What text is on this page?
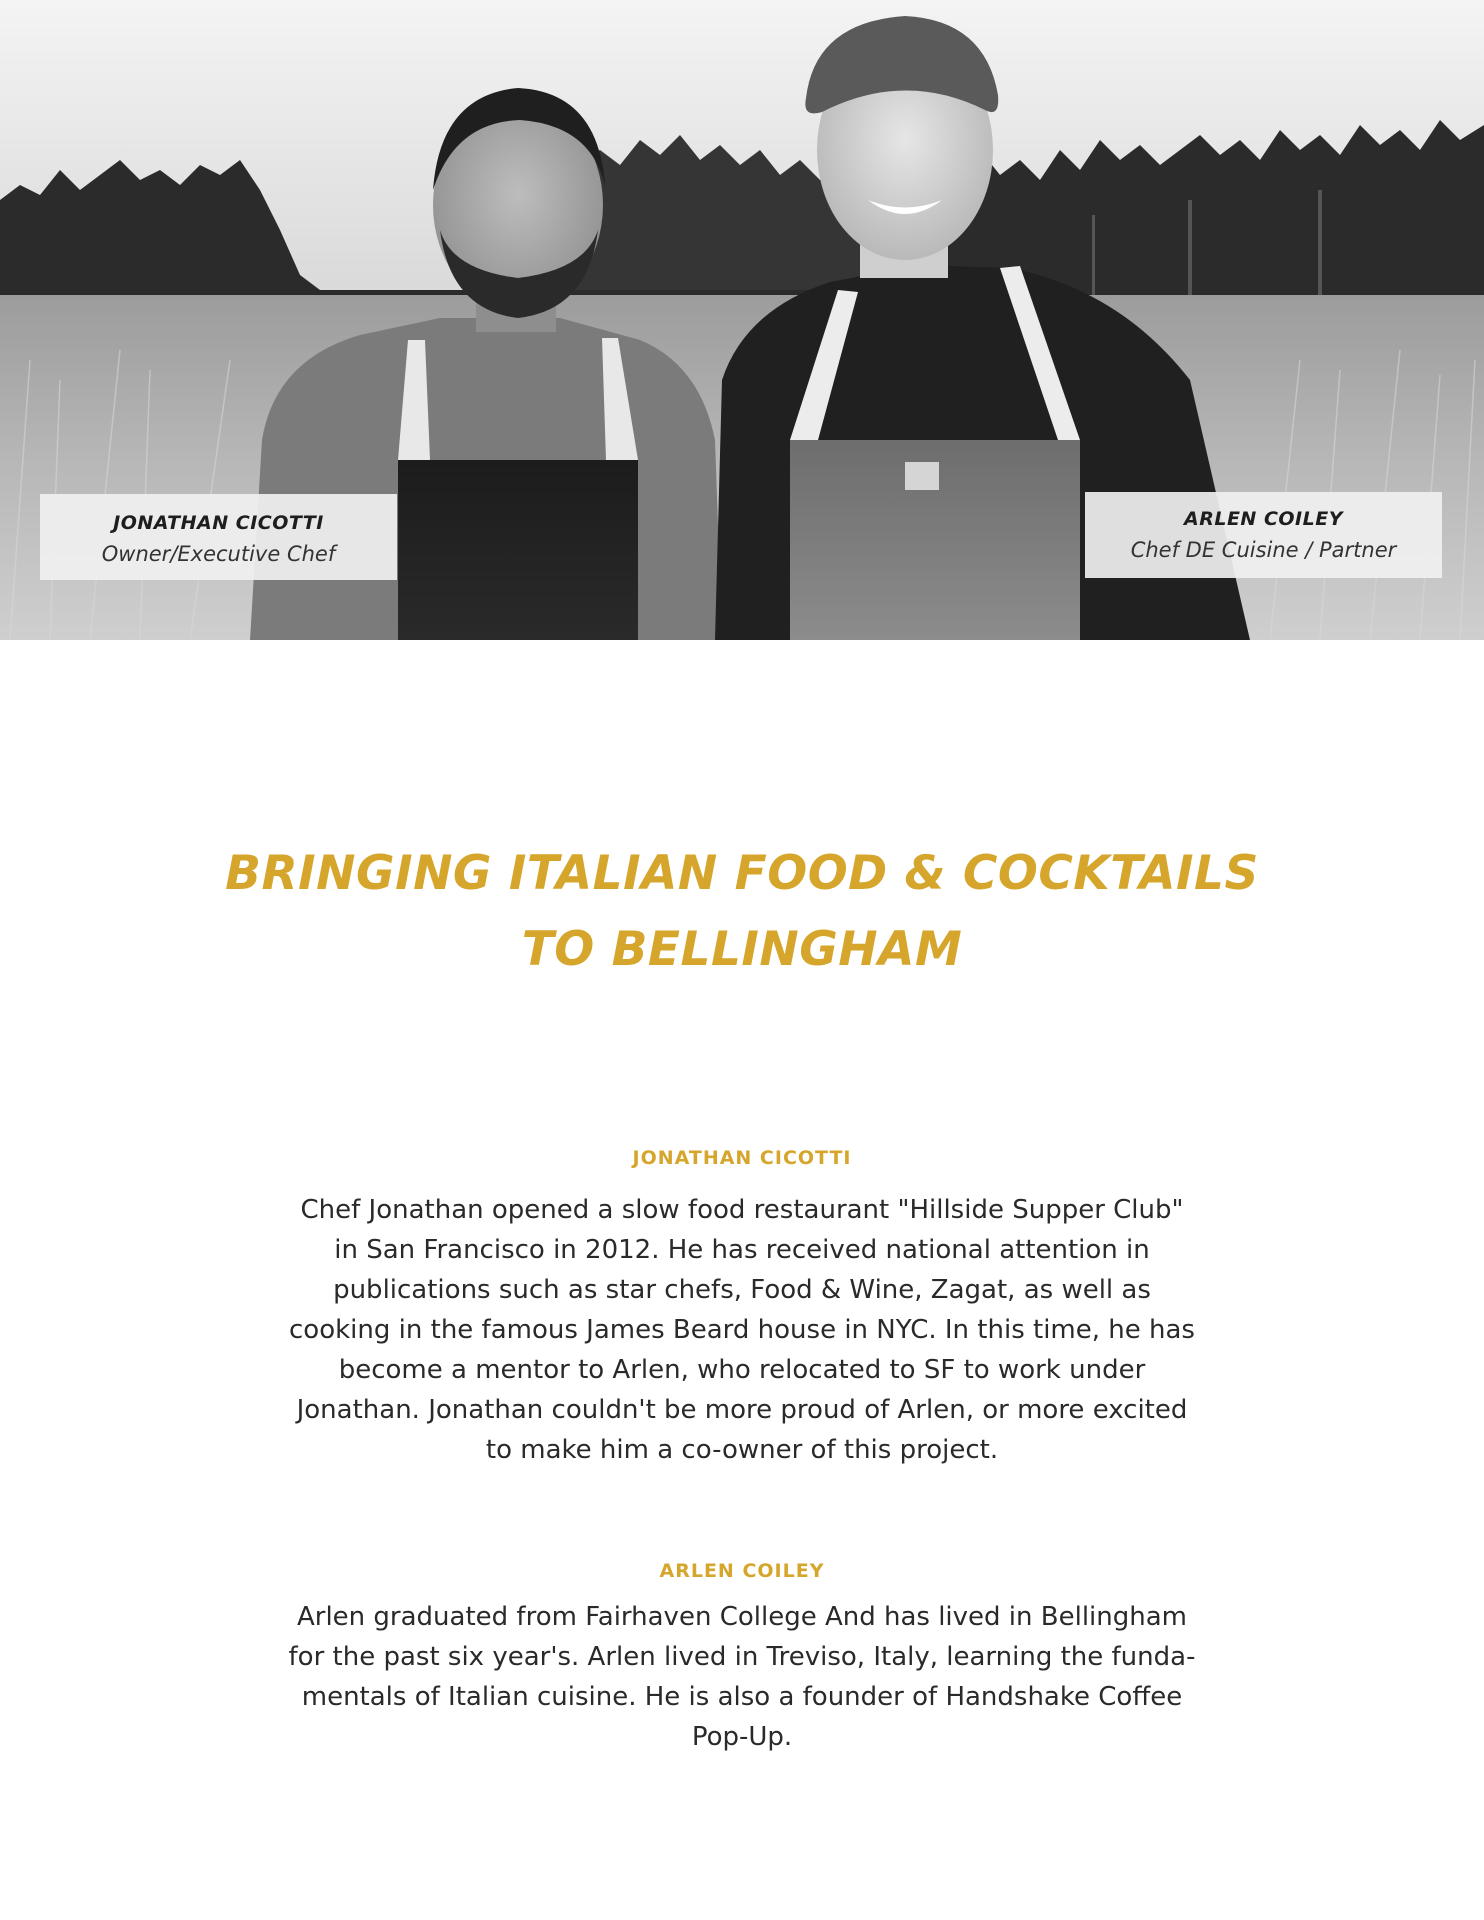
JONATHAN CICOTTI
Owner/Executive Chef
ARLEN COILEY
Chef DE Cuisine / Partner
BRINGING ITALIAN FOOD & COCKTAILS
TO BELLINGHAM
JONATHAN CICOTTI
Chef Jonathan opened a slow food restaurant "Hillside Supper Club"
in San Francisco in 2012. He has received national attention in
publications such as star chefs, Food & Wine, Zagat, as well as
cooking in the famous James Beard house in NYC. In this time, he has
become a mentor to Arlen, who relocated to SF to work under
Jonathan. Jonathan couldn't be more proud of Arlen, or more excited
to make him a co-owner of this project.
ARLEN COILEY
Arlen graduated from Fairhaven College And has lived in Bellingham
for the past six year's. Arlen lived in Treviso, Italy, learning the funda-
mentals of Italian cuisine. He is also a founder of Handshake Coffee
Pop-Up.
